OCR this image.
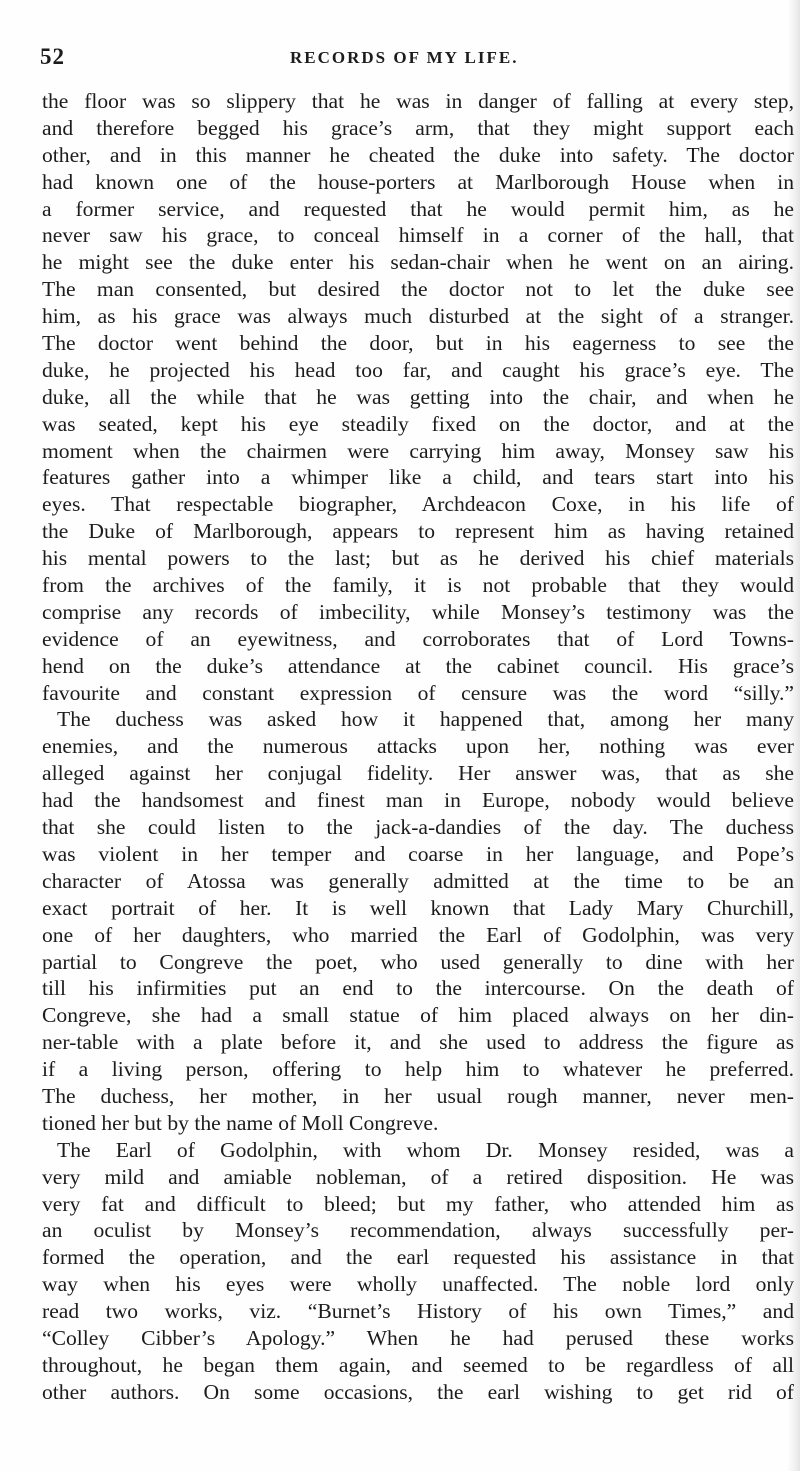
52	RECORDS OF MY LIFE.
the floor was so slippery that he was in danger of falling at every step,
and therefore begged his grace’s arm, that they might support each
other, and in this manner he cheated the duke into safety. The doctor
had known one of the house-porters at Marlborough House when in
a former service, and requested that he would permit him, as he
never saw his grace, to conceal himself in a corner of the hall, that
he might see the duke enter his sedan-chair when he went on an airing.
The man consented, but desired the doctor not to let the duke see
him, as his grace was always much disturbed at the sight of a stranger.
The doctor went behind the door, but in his eagerness to see the
duke, he projected his head too far, and caught his grace’s eye. The
duke, all the while that he was getting into the chair, and when he
was seated, kept his eye steadily fixed on the doctor, and at the
moment when the chairmen were carrying him away, Monsey saw his
features gather into a whimper like a child, and tears start into his
eyes. That respectable biographer, Archdeacon Coxe, in his life of
the Duke of Marlborough, appears to represent him as having retained
his mental powers to the last; but as he derived his chief materials
from the archives of the family, it is not probable that they would
comprise any records of imbecility, while Monsey’s testimony was the
evidence of an eyewitness, and corroborates that of Lord Towns-
hend on the duke’s attendance at the cabinet council. His grace’s
favourite and constant expression of censure was the word “silly.”
The duchess was asked how it happened that, among her many
enemies, and the numerous attacks upon her, nothing was ever
alleged against her conjugal fidelity. Her answer was, that as she
had the handsomest and finest man in Europe, nobody would believe
that she could listen to the jack-a-dandies of the day. The duchess
was violent in her temper and coarse in her language, and Pope’s
character of Atossa was generally admitted at the time to be an
exact portrait of her. It is well known that Lady Mary Churchill,
one of her daughters, who married the Earl of Godolphin, was very
partial to Congreve the poet, who used generally to dine with her
till his infirmities put an end to the intercourse. On the death of
Congreve, she had a small statue of him placed always on her din-
ner-table with a plate before it, and she used to address the figure as
if a living person, offering to help him to whatever he preferred.
The duchess, her mother, in her usual rough manner, never men-
tioned her but by the name of Moll Congreve.
The Earl of Godolphin, with whom Dr. Monsey resided, was a
very mild and amiable nobleman, of a retired disposition. He was
very fat and difficult to bleed; but my father, who attended him as
an oculist by Monsey’s recommendation, always successfully per-
formed the operation, and the earl requested his assistance in that
way when his eyes were wholly unaffected. The noble lord only
read two works, viz. “Burnet’s History of his own Times,” and
“Colley Cibber’s Apology.” When he had perused these works
throughout, he began them again, and seemed to be regardless of all
other authors. On some occasions, the earl wishing to get rid of
